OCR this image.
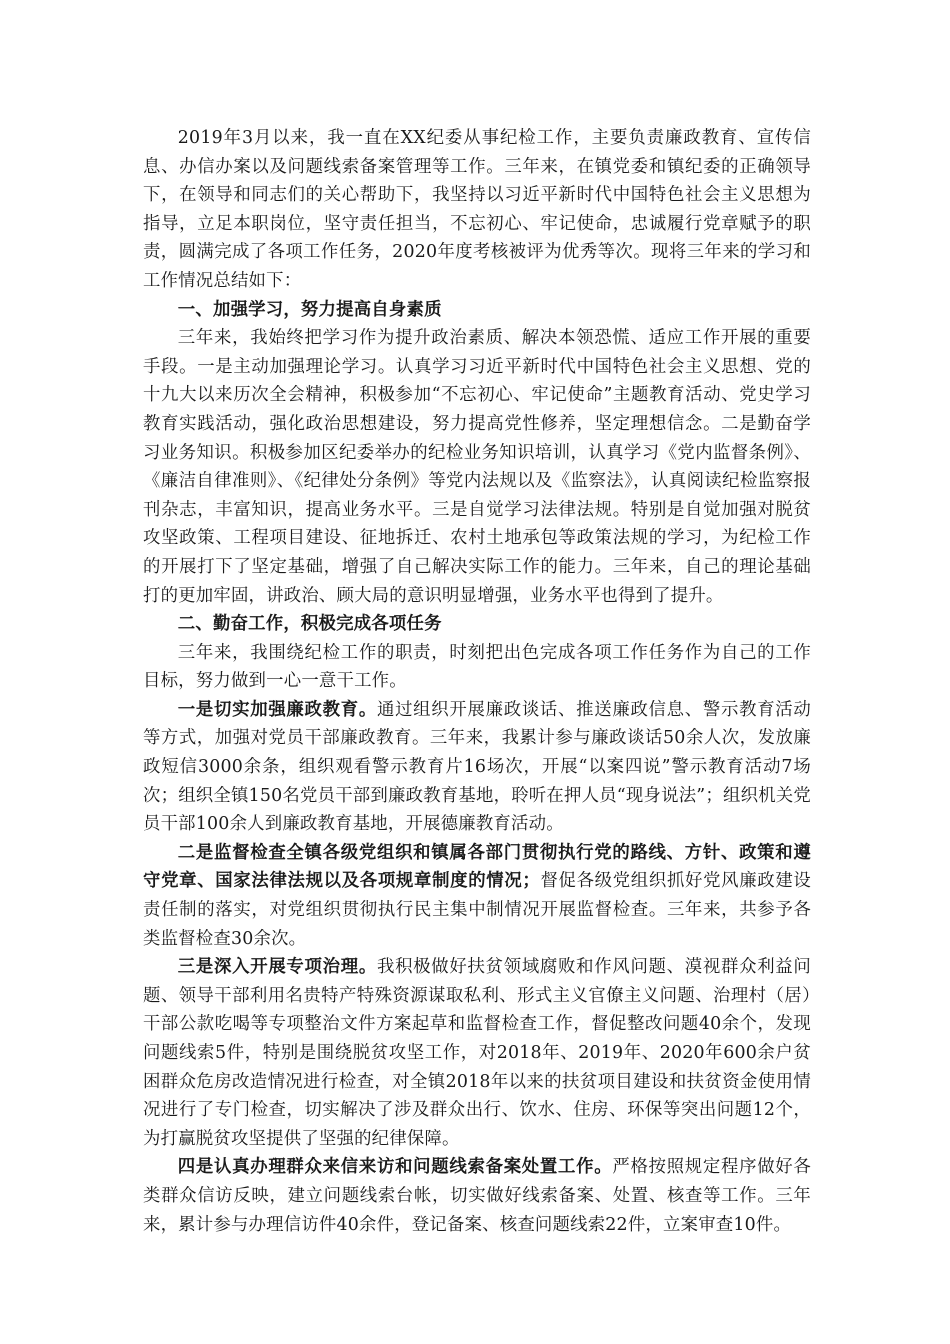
2019年3月以来，我一直在XX纪委从事纪检工作，主要负责廉政教育、宣传信息、办信办案以及问题线索备案管理等工作。三年来，在镇党委和镇纪委的正确领导下，在领导和同志们的关心帮助下，我坚持以习近平新时代中国特色社会主义思想为指导，立足本职岗位，坚守责任担当，不忘初心、牢记使命，忠诚履行党章赋予的职责，圆满完成了各项工作任务，2020年度考核被评为优秀等次。现将三年来的学习和工作情况总结如下：

一、加强学习，努力提高自身素质

三年来，我始终把学习作为提升政治素质、解决本领恐慌、适应工作开展的重要手段。一是主动加强理论学习。认真学习习近平新时代中国特色社会主义思想、党的十九大以来历次全会精神，积极参加“不忘初心、牢记使命”主题教育活动、党史学习教育实践活动，强化政治思想建设，努力提高党性修养，坚定理想信念。二是勤奋学习业务知识。积极参加区纪委举办的纪检业务知识培训，认真学习《党内监督条例》、《廉洁自律准则》、《纪律处分条例》等党内法规以及《监察法》，认真阅读纪检监察报刊杂志，丰富知识，提高业务水平。三是自觉学习法律法规。特别是自觉加强对脱贫攻坚政策、工程项目建设、征地拆迁、农村土地承包等政策法规的学习，为纪检工作的开展打下了坚定基础，增强了自己解决实际工作的能力。三年来，自己的理论基础打的更加牢固，讲政治、顾大局的意识明显增强，业务水平也得到了提升。

二、勤奋工作，积极完成各项任务

三年来，我围绕纪检工作的职责，时刻把出色完成各项工作任务作为自己的工作目标，努力做到一心一意干工作。

一是切实加强廉政教育。通过组织开展廉政谈话、推送廉政信息、警示教育活动等方式，加强对党员干部廉政教育。三年来，我累计参与廉政谈话50余人次，发放廉政短信3000余条，组织观看警示教育片16场次，开展“以案四说”警示教育活动7场次；组织全镇150名党员干部到廉政教育基地，聆听在押人员“现身说法”；组织机关党员干部100余人到廉政教育基地，开展德廉教育活动。

二是监督检查全镇各级党组织和镇属各部门贯彻执行党的路线、方针、政策和遵守党章、国家法律法规以及各项规章制度的情况；督促各级党组织抓好党风廉政建设责任制的落实，对党组织贯彻执行民主集中制情况开展监督检查。三年来，共参予各类监督检查30余次。

三是深入开展专项治理。我积极做好扶贫领域腐败和作风问题、漠视群众利益问题、领导干部利用名贵特产特殊资源谋取私利、形式主义官僚主义问题、治理村（居）干部公款吃喝等专项整治文件方案起草和监督检查工作，督促整改问题40余个，发现问题线索5件，特别是围绕脱贫攻坚工作，对2018年、2019年、2020年600余户贫困群众危房改造情况进行检查，对全镇2018年以来的扶贫项目建设和扶贫资金使用情况进行了专门检查，切实解决了涉及群众出行、饮水、住房、环保等突出问题12个，为打赢脱贫攻坚提供了坚强的纪律保障。

四是认真办理群众来信来访和问题线索备案处置工作。严格按照规定程序做好各类群众信访反映，建立问题线索台帐，切实做好线索备案、处置、核查等工作。三年来，累计参与办理信访件40余件，登记备案、核查问题线索22件，立案审查10件。
